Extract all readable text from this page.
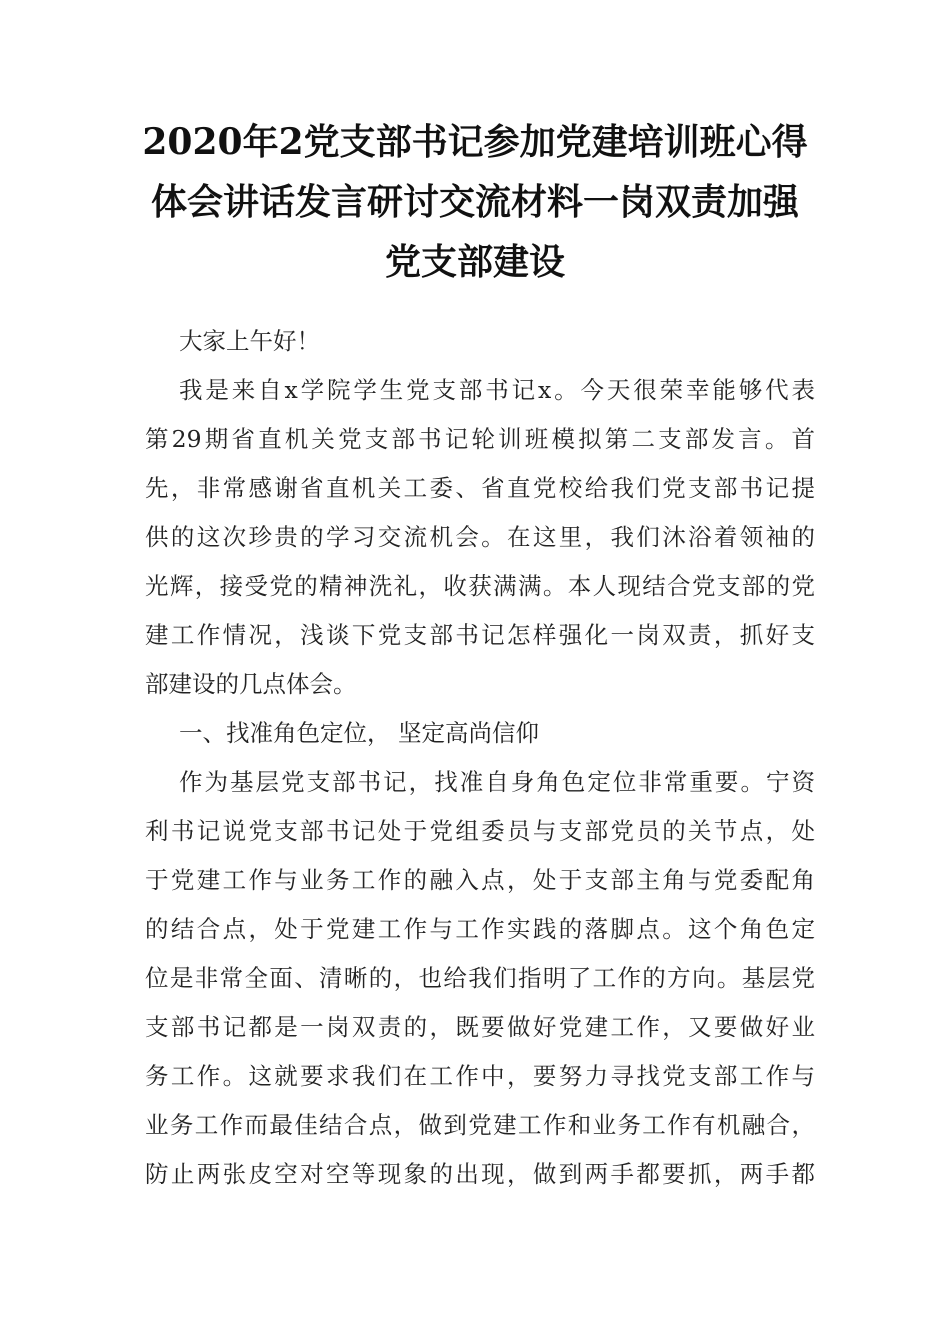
2020年2党支部书记参加党建培训班心得
体会讲话发言研讨交流材料一岗双责加强
党支部建设

大家上午好！

我是来自x学院学生党支部书记x。今天很荣幸能够代表
第29期省直机关党支部书记轮训班模拟第二支部发言。首
先，非常感谢省直机关工委、省直党校给我们党支部书记提
供的这次珍贵的学习交流机会。在这里，我们沐浴着领袖的
光辉，接受党的精神洗礼，收获满满。本人现结合党支部的党
建工作情况，浅谈下党支部书记怎样强化一岗双责，抓好支
部建设的几点体会。

一、找准角色定位， 坚定高尚信仰

作为基层党支部书记，找准自身角色定位非常重要。宁资
利书记说党支部书记处于党组委员与支部党员的关节点，处
于党建工作与业务工作的融入点，处于支部主角与党委配角
的结合点，处于党建工作与工作实践的落脚点。这个角色定
位是非常全面、清晰的，也给我们指明了工作的方向。基层党
支部书记都是一岗双责的，既要做好党建工作，又要做好业
务工作。这就要求我们在工作中，要努力寻找党支部工作与
业务工作而最佳结合点，做到党建工作和业务工作有机融合，
防止两张皮空对空等现象的出现，做到两手都要抓，两手都
